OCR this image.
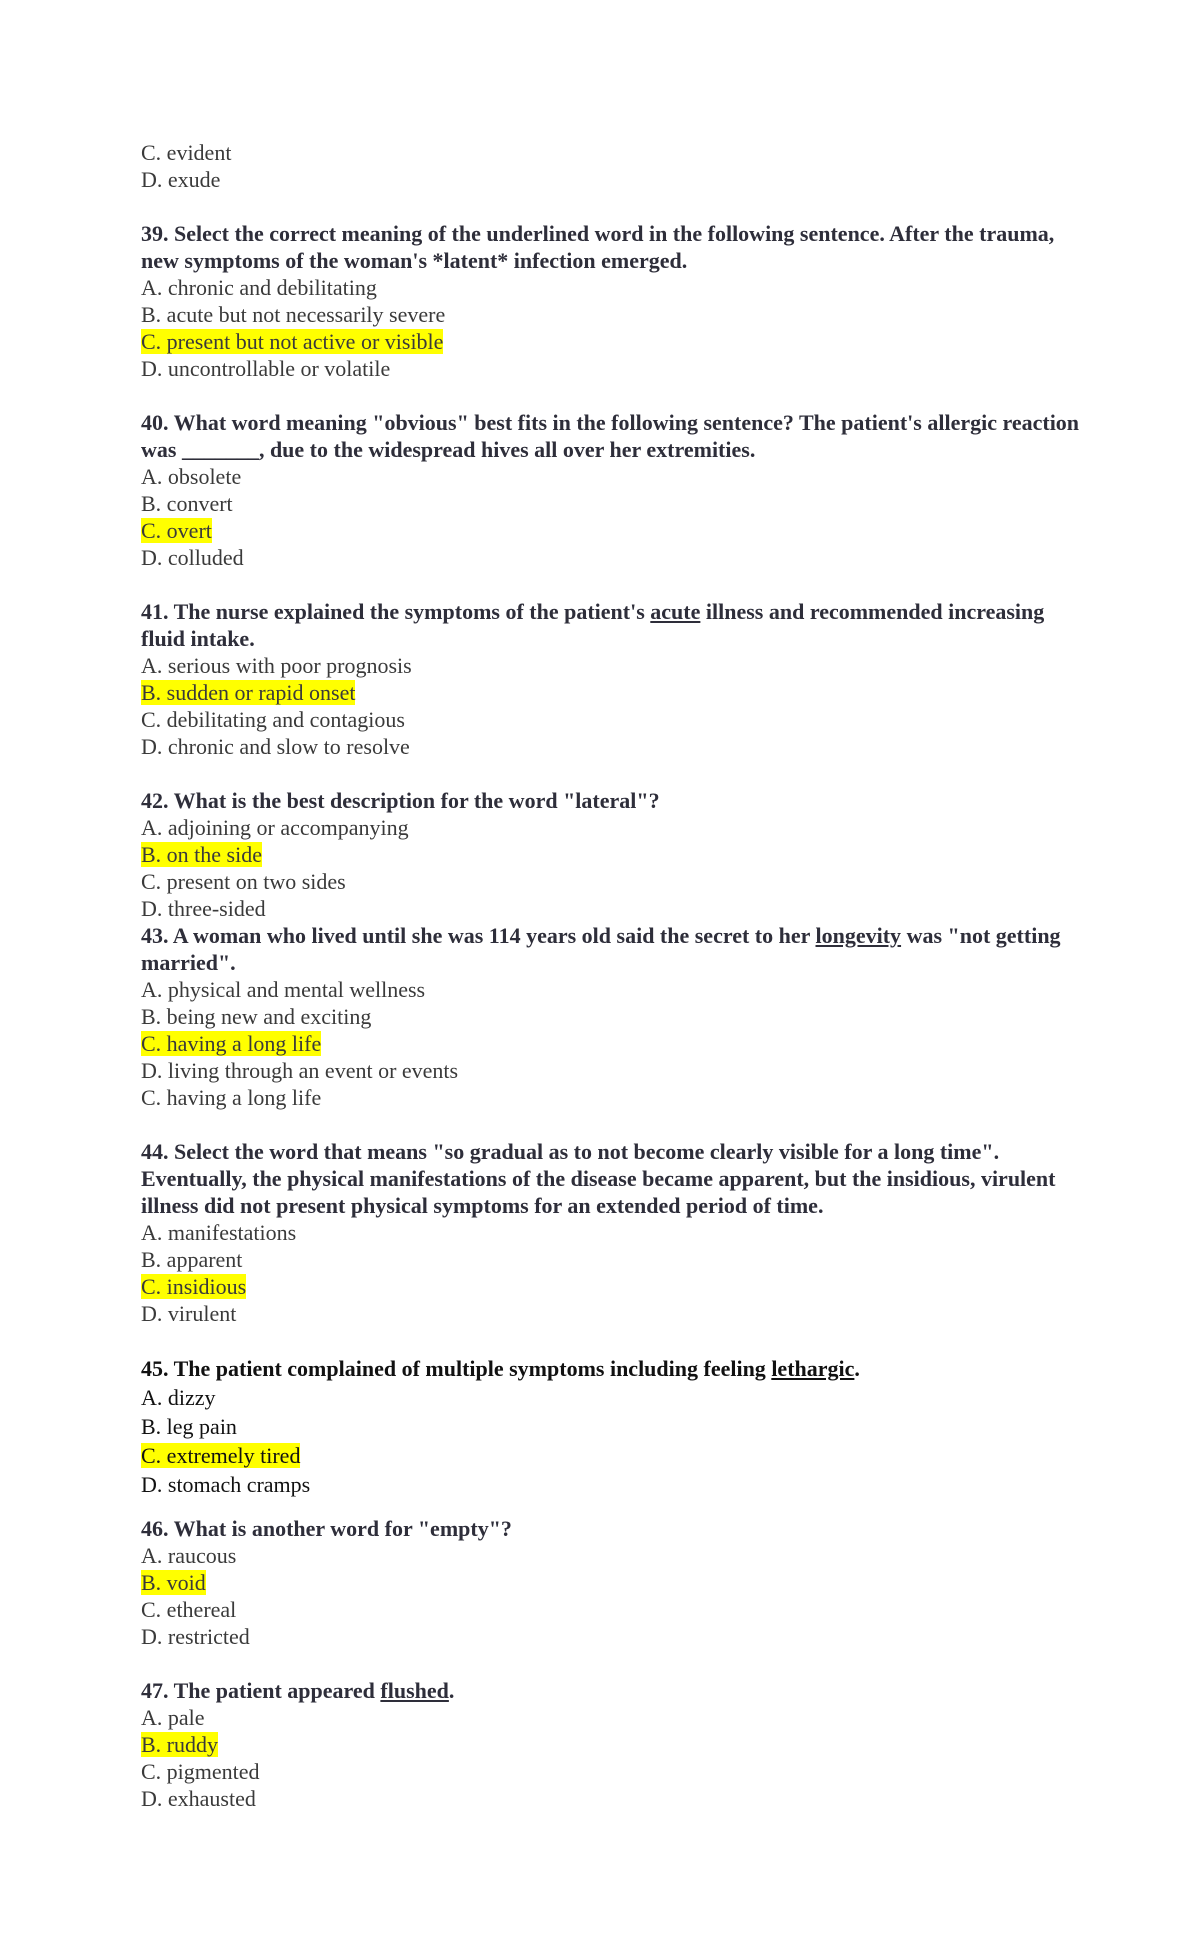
C. evident
D. exude
39. Select the correct meaning of the underlined word in the following sentence. After the trauma, new symptoms of the woman's *latent* infection emerged.
A. chronic and debilitating
B. acute but not necessarily severe
C. present but not active or visible
D. uncontrollable or volatile
40. What word meaning "obvious" best fits in the following sentence? The patient's allergic reaction was _______, due to the widespread hives all over her extremities.
A. obsolete
B. convert
C. overt
D. colluded
41. The nurse explained the symptoms of the patient's acute illness and recommended increasing fluid intake.
A. serious with poor prognosis
B. sudden or rapid onset
C. debilitating and contagious
D. chronic and slow to resolve
42. What is the best description for the word "lateral"?
A. adjoining or accompanying
B. on the side
C. present on two sides
D. three-sided
43. A woman who lived until she was 114 years old said the secret to her longevity was "not getting married".
A. physical and mental wellness
B. being new and exciting
C. having a long life
D. living through an event or events
C. having a long life
44. Select the word that means "so gradual as to not become clearly visible for a long time". Eventually, the physical manifestations of the disease became apparent, but the insidious, virulent illness did not present physical symptoms for an extended period of time.
A. manifestations
B. apparent
C. insidious
D. virulent
45. The patient complained of multiple symptoms including feeling lethargic.
A. dizzy
B. leg pain
C. extremely tired
D. stomach cramps
46. What is another word for "empty"?
A. raucous
B. void
C. ethereal
D. restricted
47. The patient appeared flushed.
A. pale
B. ruddy
C. pigmented
D. exhausted
